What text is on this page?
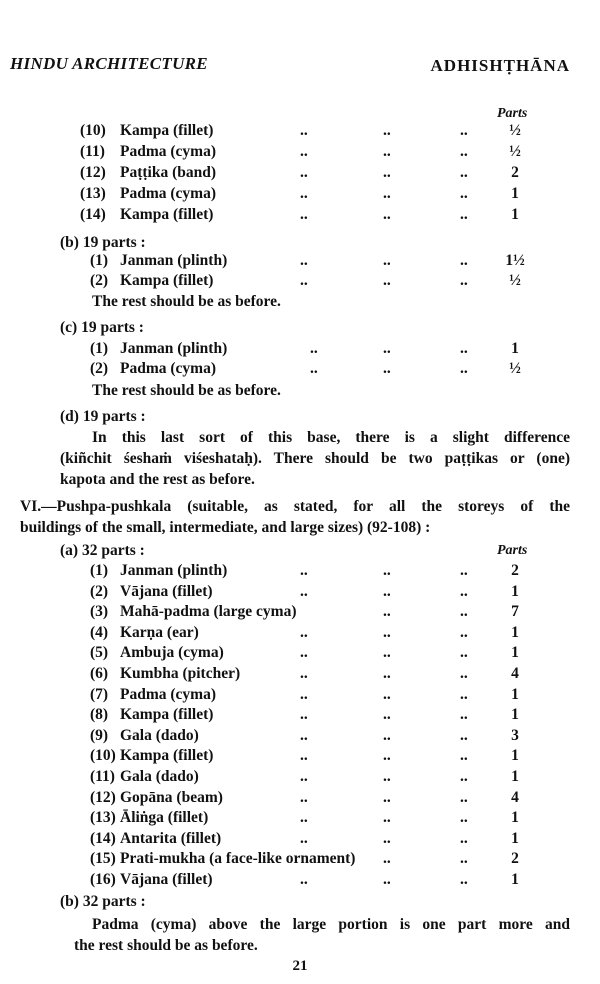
HINDU ARCHITECTURE	ADHISHṬHĀNA
Parts
(10) Kampa (fillet)	..	..	..	½
(11) Padma (cyma)	..	..	..	½
(12) Paṭṭika (band)	..	..	..	2
(13) Padma (cyma)	..	..	..	1
(14) Kampa (fillet)	..	..	..	1
(b) 19 parts :
(1) Janman (plinth)	..	..	.. 1½
(2) Kampa (fillet)	..	..	..	½
The rest should be as before.
(c) 19 parts :
(1) Janman (plinth)	..	..	..	1
(2) Padma (cyma)	..	..	..	½
The rest should be as before.
(d) 19 parts :
In this last sort of this base, there is a slight difference
(kiñchit śeshaṁ viśeshataḥ). There should be two paṭṭikas or (one)
kapota and the rest as before.
VI.—Pushpa-pushkala (suitable, as stated, for all the storeys of the
buildings of the small, intermediate, and large sizes) (92-108) :
(a) 32 parts :	Parts
(1) Janman (plinth)	..	..	..	2
(2) Vājana (fillet)	..	..	..	1
(3) Mahā-padma (large cyma)	..	..	7
(4) Karṇa (ear)	..	..	..	1
(5) Ambuja (cyma)	..	..	..	1
(6) Kumbha (pitcher)	..	..	..	4
(7) Padma (cyma)	..	..	..	1
(8) Kampa (fillet)	..	..	..	1
(9) Gala (dado)	..	..	..	3
(10) Kampa (fillet)	..	..	..	1
(11) Gala (dado)	..	..	..	1
(12) Gopāna (beam)	..	..	..	4
(13) Āliṅga (fillet)	..	..	..	1
(14) Antarita (fillet)	..	..	..	1
(15) Prati-mukha (a face-like ornament) ..	..	2
(16) Vājana (fillet)	..	..	..	1
(b) 32 parts :
Padma (cyma) above the large portion is one part more and
the rest should be as before.
21
